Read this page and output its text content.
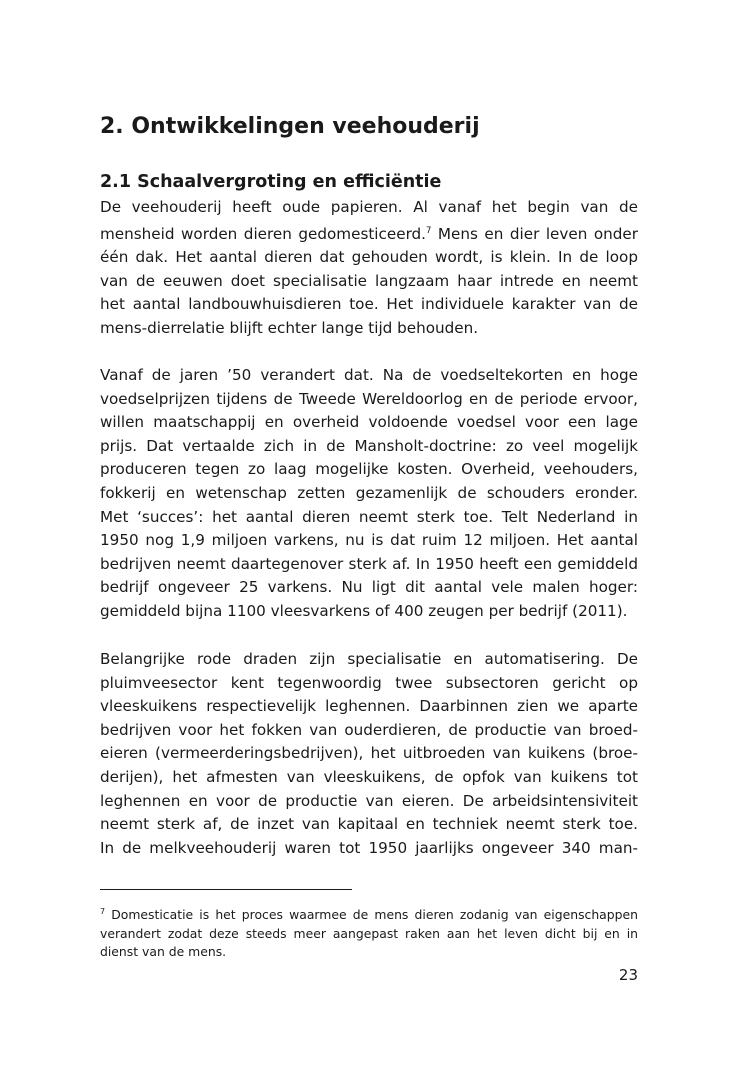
2. Ontwikkelingen veehouderij
2.1 Schaalvergroting en efficiëntie

De veehouderij heeft oude papieren. Al vanaf het begin van de
mensheid worden dieren gedomesticeerd.$^7$ Mens en dier leven onder
één dak. Het aantal dieren dat gehouden wordt, is klein. In de loop
van de eeuwen doet specialisatie langzaam haar intrede en neemt
het aantal landbouwhuisdieren toe. Het individuele karakter van de
mens-dierrelatie blijft echter lange tijd behouden.

Vanaf de jaren ’50 verandert dat. Na de voedseltekorten en hoge
voedselprijzen tijdens de Tweede Wereldoorlog en de periode ervoor,
willen maatschappij en overheid voldoende voedsel voor een lage
prijs. Dat vertaalde zich in de Mansholt-doctrine: zo veel mogelijk
produceren tegen zo laag mogelijke kosten. Overheid, veehouders,
fokkerij en wetenschap zetten gezamenlijk de schouders eronder.
Met ‘succes’: het aantal dieren neemt sterk toe. Telt Nederland in
1950 nog 1,9 miljoen varkens, nu is dat ruim 12 miljoen. Het aantal
bedrijven neemt daartegenover sterk af. In 1950 heeft een gemiddeld
bedrijf ongeveer 25 varkens. Nu ligt dit aantal vele malen hoger:
gemiddeld bijna 1100 vleesvarkens of 400 zeugen per bedrijf (2011).

Belangrijke rode draden zijn specialisatie en automatisering. De
pluimveesector kent tegenwoordig twee subsectoren gericht op
vleeskuikens respectievelijk leghennen. Daarbinnen zien we aparte
bedrijven voor het fokken van ouderdieren, de productie van broed-
eieren (vermeerderingsbedrijven), het uitbroeden van kuikens (broe-
derijen), het afmesten van vleeskuikens, de opfok van kuikens tot
leghennen en voor de productie van eieren. De arbeidsintensiviteit
neemt sterk af, de inzet van kapitaal en techniek neemt sterk toe.
In de melkveehouderij waren tot 1950 jaarlijks ongeveer 340 man-

$^7$ Domesticatie is het proces waarmee de mens dieren zodanig van eigenschappen
verandert zodat deze steeds meer aangepast raken aan het leven dicht bij en in
dienst van de mens.
23
